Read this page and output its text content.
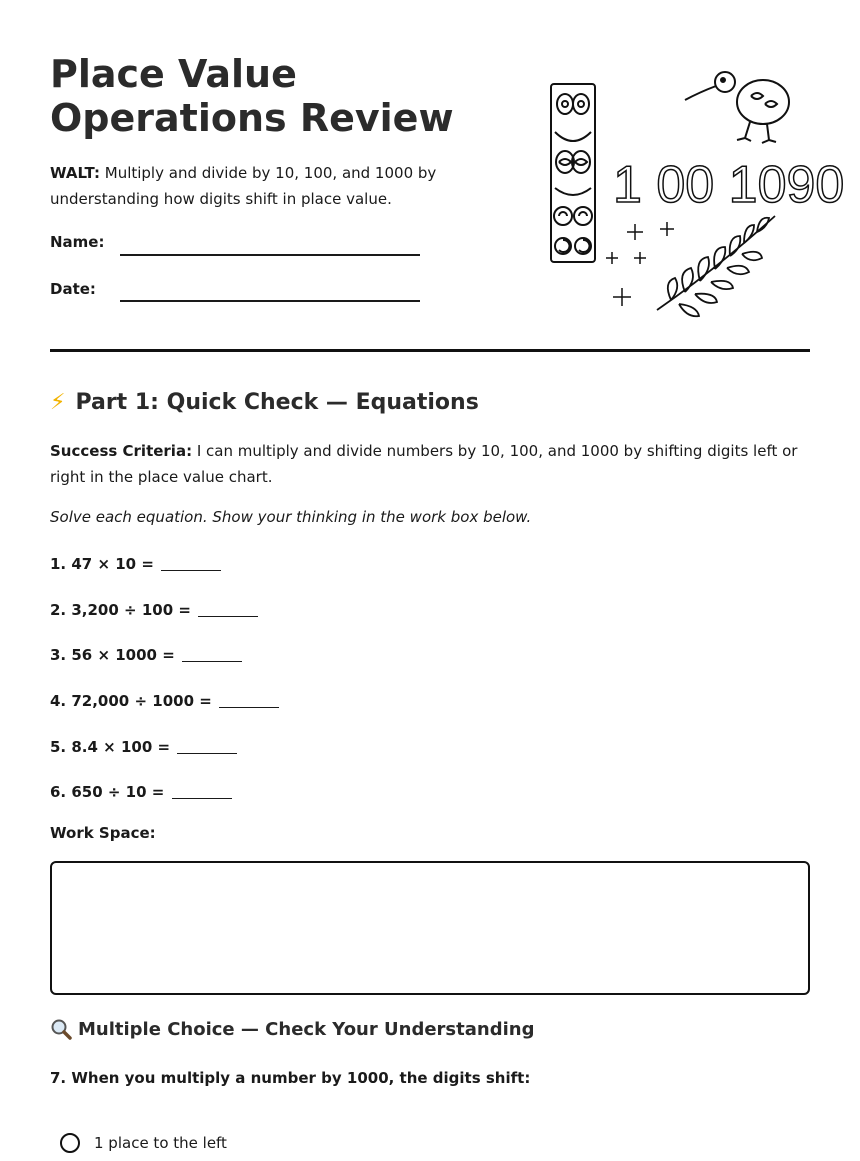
Place Value Operations Review
WALT: Multiply and divide by 10, 100, and 1000 by understanding how digits shift in place value.
Name:
Date:
1 00 1090
⚡ Part 1: Quick Check — Equations
Success Criteria: I can multiply and divide numbers by 10, 100, and 1000 by shifting digits left or right in the place value chart.
Solve each equation. Show your thinking in the work box below.
1. 47 × 10 =
2. 3,200 ÷ 100 =
3. 56 × 1000 =
4. 72,000 ÷ 1000 =
5. 8.4 × 100 =
6. 650 ÷ 10 =
Work Space:
Multiple Choice — Check Your Understanding
7. When you multiply a number by 1000, the digits shift:
1 place to the left
